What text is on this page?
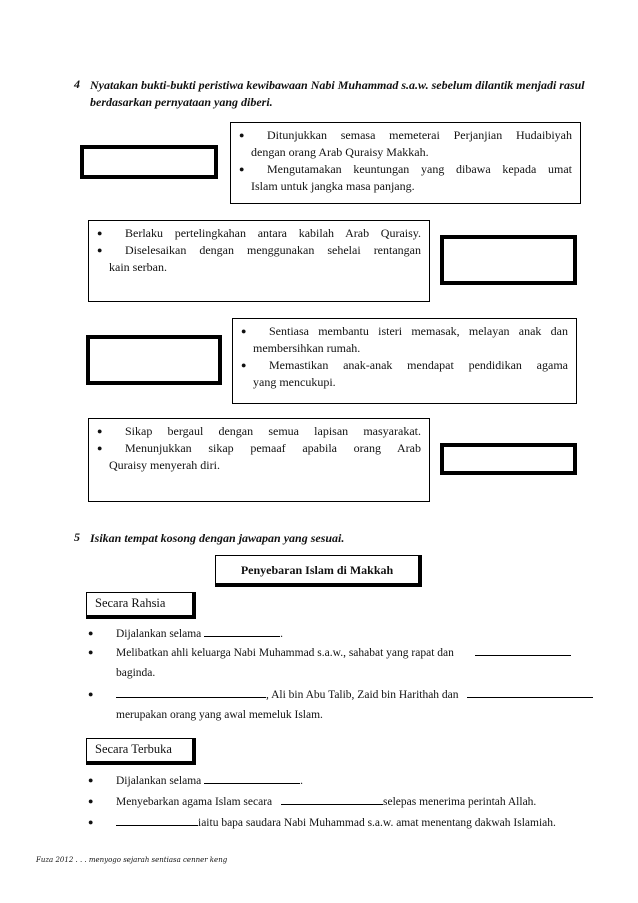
4 Nyatakan bukti-bukti peristiwa kewibawaan Nabi Muhammad s.a.w. sebelum dilantik menjadi rasul
berdasarkan pernyataan yang diberi.
● Ditunjukkan semasa memeterai Perjanjian Hudaibiyah
dengan orang Arab Quraisy Makkah.
● Mengutamakan keuntungan yang dibawa kepada umat
Islam untuk jangka masa panjang.
● Berlaku pertelingkahan antara kabilah Arab Quraisy.
● Diselesaikan dengan menggunakan sehelai rentangan
kain serban.
● Sentiasa membantu isteri memasak, melayan anak dan
membersihkan rumah.
● Memastikan anak-anak mendapat pendidikan agama
yang mencukupi.
● Sikap bergaul dengan semua lapisan masyarakat.
● Menunjukkan sikap pemaaf apabila orang Arab
Quraisy menyerah diri.
5 Isikan tempat kosong dengan jawapan yang sesuai.
Penyebaran Islam di Makkah
Secara Rahsia
● Dijalankan selama	.
● Melibatkan ahli keluarga Nabi Muhammad s.a.w., sahabat yang rapat dan
baginda.
●	, Ali bin Abu Talib, Zaid bin Harithah dan
merupakan orang yang awal memeluk Islam.
Secara Terbuka
● Dijalankan selama	.
● Menyebarkan agama Islam secara	selepas menerima perintah Allah.
●	iaitu bapa saudara Nabi Muhammad s.a.w. amat menentang dakwah Islamiah.
Fuza 2012 . . . menyogo sejarah sentiasa cenner keng
